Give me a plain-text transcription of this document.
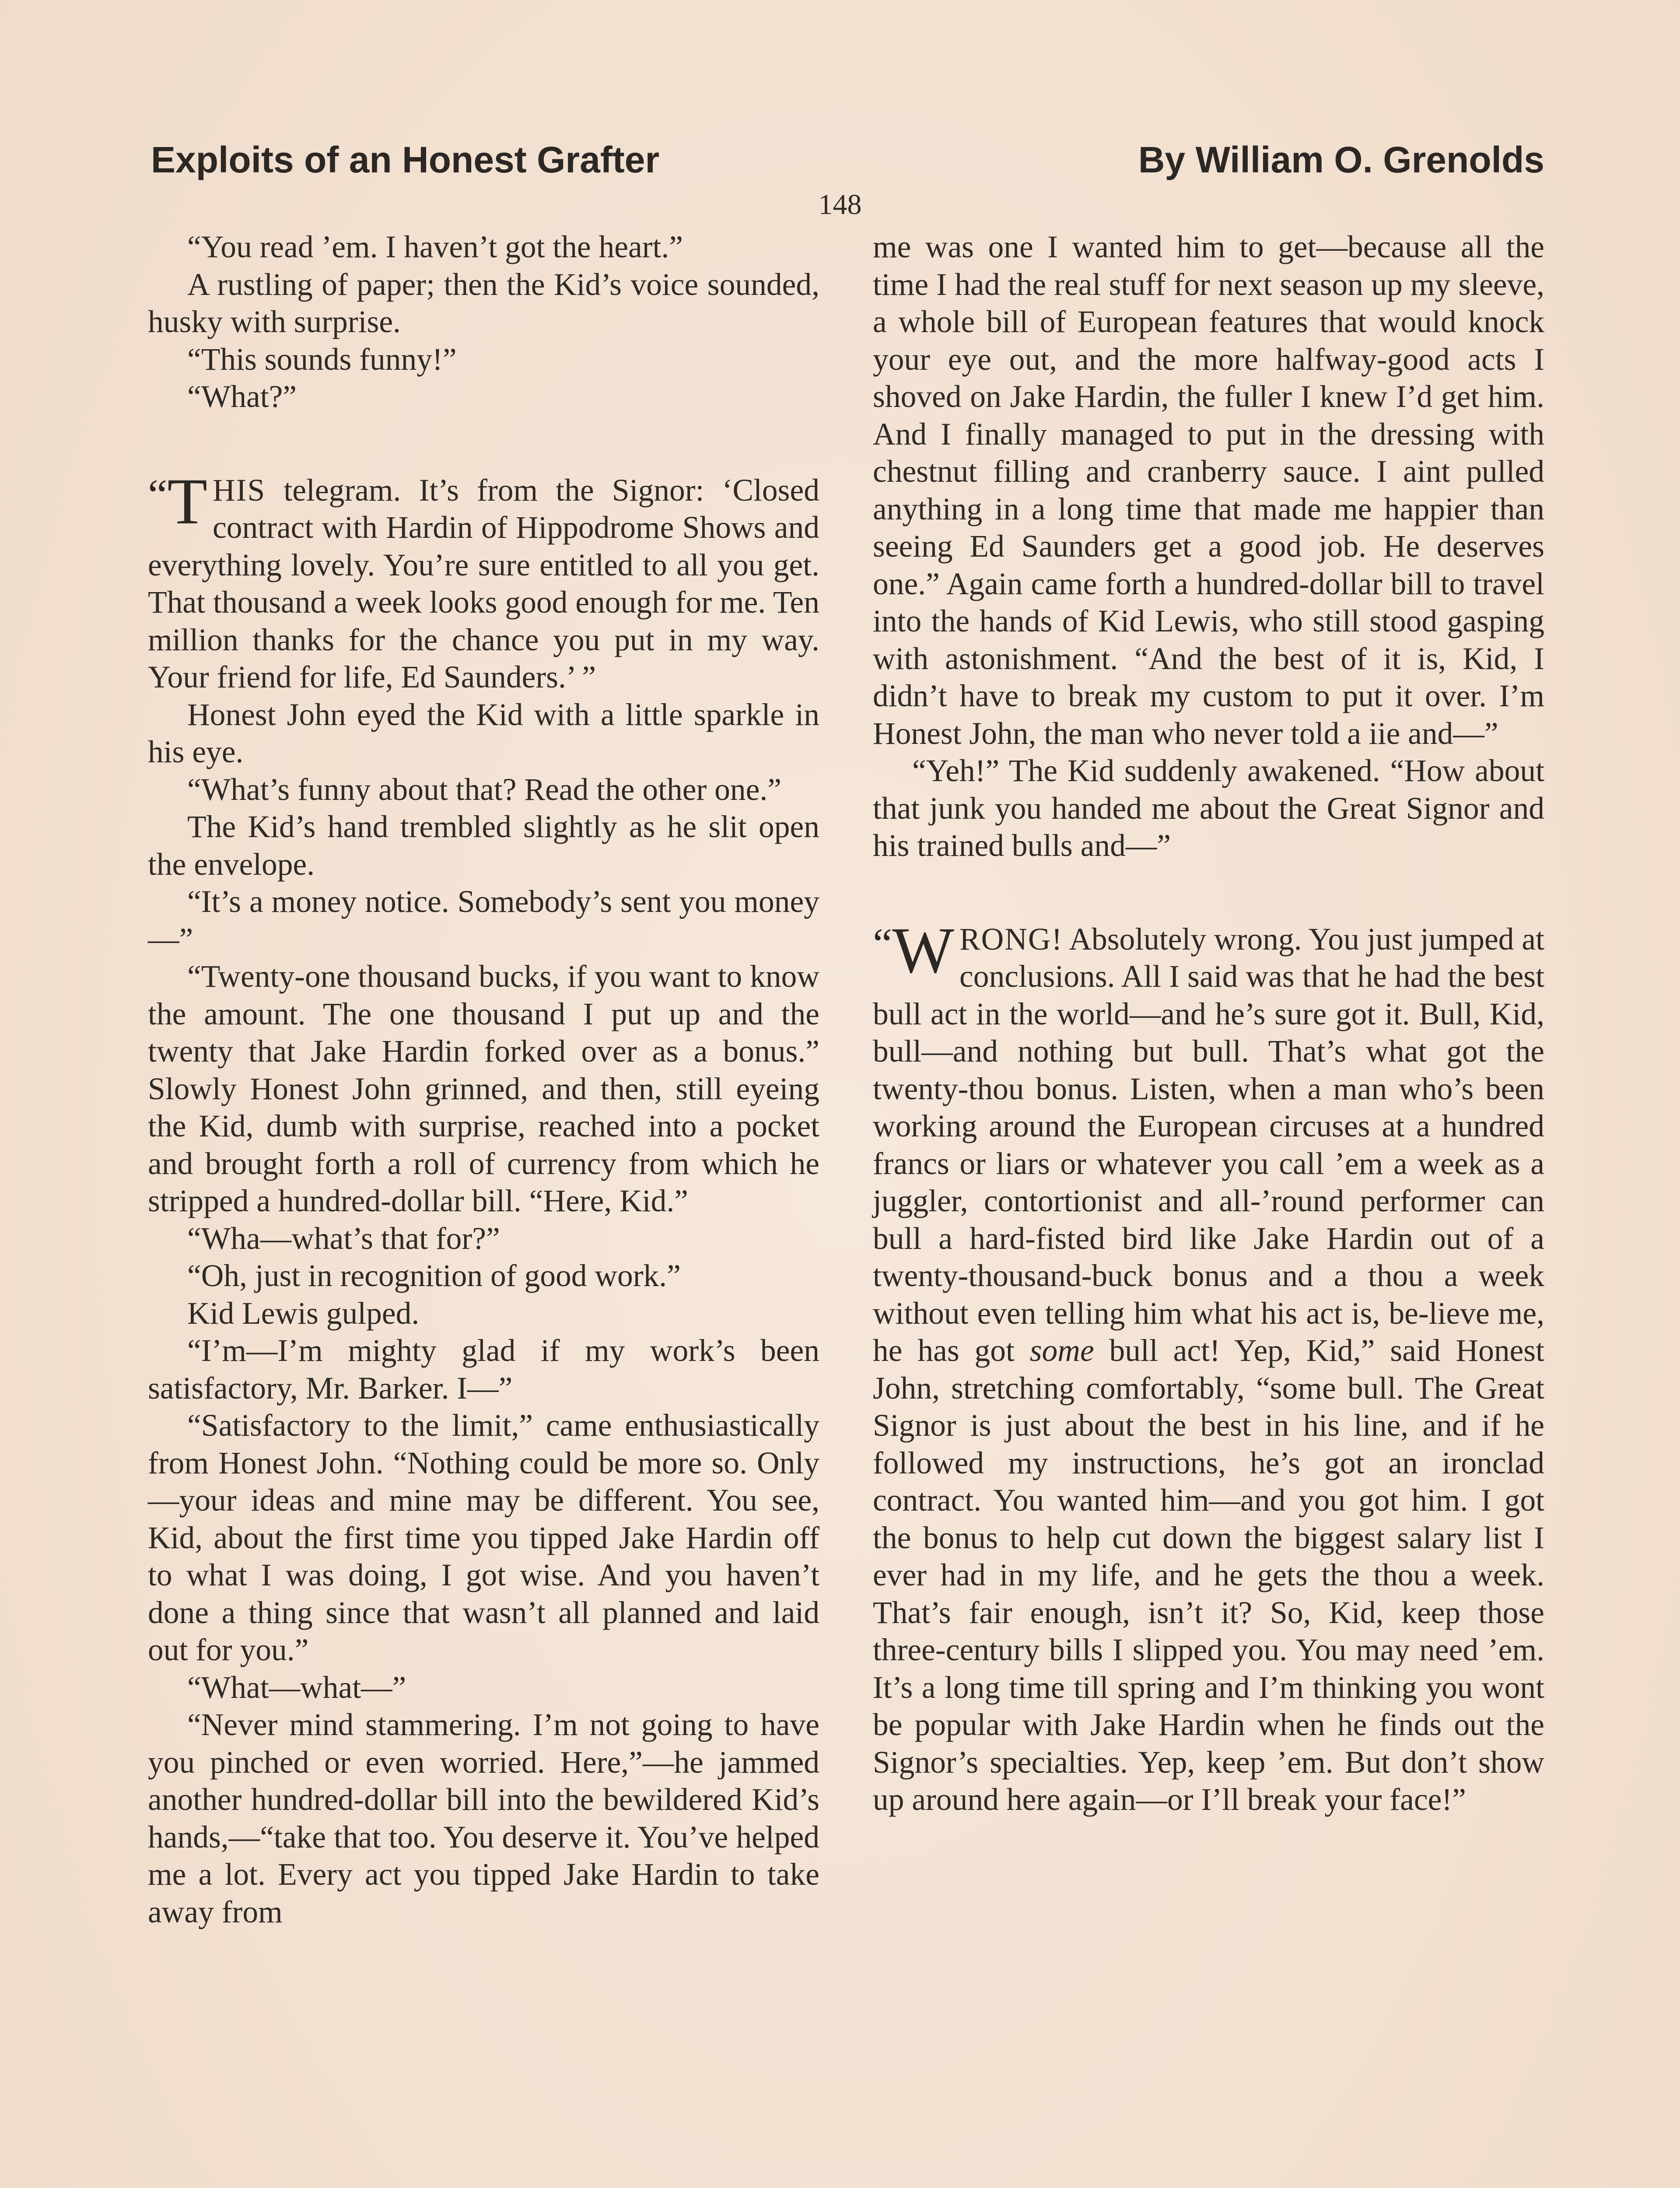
Exploits of an Honest Grafter	By William O. Grenolds
148

“You read ’em. I haven’t got the heart.”

A rustling of paper; then the Kid’s voice sounded, husky with surprise.

“This sounds funny!”

“What?”

“T HIS telegram. It’s from the Signor: ‘Closed contract with Hardin of Hippodrome Shows and everything lovely. You’re sure entitled to all you get. That thousand a week looks good enough for me. Ten million thanks for the chance you put in my way. Your friend for life, Ed Saunders.’ ”

Honest John eyed the Kid with a little sparkle in his eye.

“What’s funny about that? Read the other one.”

The Kid’s hand trembled slightly as he slit open the envelope.

“It’s a money notice. Somebody’s sent you money—”

“Twenty-one thousand bucks, if you want to know the amount. The one thousand I put up and the twenty that Jake Hardin forked over as a bonus.” Slowly Honest John grinned, and then, still eyeing the Kid, dumb with surprise, reached into a pocket and brought forth a roll of currency from which he stripped a hundred-dollar bill. “Here, Kid.”

“Wha—what’s that for?”

“Oh, just in recognition of good work.”

Kid Lewis gulped.

“I’m—I’m mighty glad if my work’s been satisfactory, Mr. Barker. I—”

“Satisfactory to the limit,” came enthusiastically from Honest John. “Nothing could be more so. Only—your ideas and mine may be different. You see, Kid, about the first time you tipped Jake Hardin off to what I was doing, I got wise. And you haven’t done a thing since that wasn’t all planned and laid out for you.”

“What—what—”

“Never mind stammering. I’m not going to have you pinched or even worried. Here,”—he jammed another hundred-dollar bill into the bewildered Kid’s hands,—“take that too. You deserve it. You’ve helped me a lot. Every act you tipped Jake Hardin to take away from

me was one I wanted him to get—because all the time I had the real stuff for next season up my sleeve, a whole bill of European features that would knock your eye out, and the more halfway-good acts I shoved on Jake Hardin, the fuller I knew I’d get him. And I finally managed to put in the dressing with chestnut filling and cranberry sauce. I aint pulled anything in a long time that made me happier than seeing Ed Saunders get a good job. He deserves one.” Again came forth a hundred-dollar bill to travel into the hands of Kid Lewis, who still stood gasping with astonishment. “And the best of it is, Kid, I didn’t have to break my custom to put it over. I’m Honest John, the man who never told a iie and—”

“Yeh!” The Kid suddenly awakened. “How about that junk you handed me about the Great Signor and his trained bulls and—”

“W RONG! Absolutely wrong. You just jumped at conclusions. All I said was that he had the best bull act in the world—and he’s sure got it. Bull, Kid, bull—and nothing but bull. That’s what got the twenty-thou bonus. Listen, when a man who’s been working around the European circuses at a hundred francs or liars or whatever you call ’em a week as a juggler, contortionist and all-’round performer can bull a hard-fisted bird like Jake Hardin out of a twenty-thousand-buck bonus and a thou a week without even telling him what his act is, be-lieve me, he has got some bull act! Yep, Kid,” said Honest John, stretching comfortably, “some bull. The Great Signor is just about the best in his line, and if he followed my instructions, he’s got an ironclad contract. You wanted him—and you got him. I got the bonus to help cut down the biggest salary list I ever had in my life, and he gets the thou a week. That’s fair enough, isn’t it? So, Kid, keep those three-century bills I slipped you. You may need ’em. It’s a long time till spring and I’m thinking you wont be popular with Jake Hardin when he finds out the Signor’s specialties. Yep, keep ’em. But don’t show up around here again—or I’ll break your face!”
